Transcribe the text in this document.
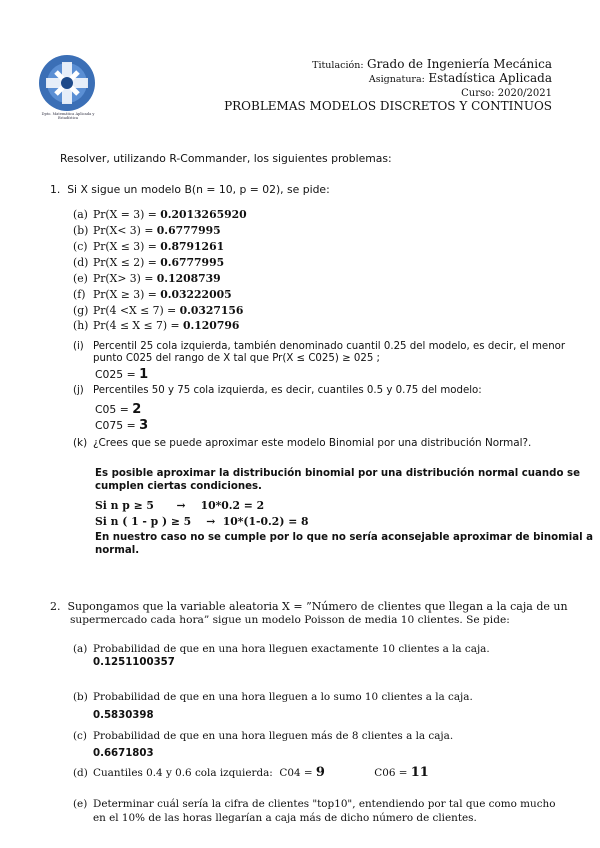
Dpto. Matemática Aplicada y Estadística
Titulación: Grado de Ingeniería Mecánica
Asignatura: Estadística Aplicada
Curso: 2020/2021
PROBLEMAS MODELOS DISCRETOS Y CONTINUOS
Resolver, utilizando R-Commander, los siguientes problemas:
1. Si X sigue un modelo B(n = 10, p = 02), se pide:
(a) Pr(X = 3) = 0.2013265920
(b) Pr(X< 3) = 0.6777995
(c) Pr(X ≤ 3) = 0.8791261
(d) Pr(X ≤ 2) = 0.6777995
(e) Pr(X> 3) = 0.1208739
(f) Pr(X ≥ 3) = 0.03222005
(g) Pr(4 <X ≤ 7) = 0.0327156
(h) Pr(4 ≤ X ≤ 7) = 0.120796
(i) Percentil 25 cola izquierda, también denominado cuantil 0.25 del modelo, es decir, el menor
punto C025 del rango de X tal que Pr(X ≤ C025) ≥ 025 ;
C025 = 1
(j) Percentiles 50 y 75 cola izquierda, es decir, cuantiles 0.5 y 0.75 del modelo:
C05 = 2
C075 = 3
(k) ¿Crees que se puede aproximar este modelo Binomial por una distribución Normal?.
Es posible aproximar la distribución binomial por una distribución normal cuando se
cumplen ciertas condiciones.
Si n p ≥ 5 → 10*0.2 = 2
Si n ( 1 - p ) ≥ 5 → 10*(1-0.2) = 8
En nuestro caso no se cumple por lo que no sería aconsejable aproximar de binomial a
normal.
2. Supongamos que la variable aleatoria X = ”Número de clientes que llegan a la caja de un
supermercado cada hora” sigue un modelo Poisson de media 10 clientes. Se pide:
(a) Probabilidad de que en una hora lleguen exactamente 10 clientes a la caja.
0.1251100357
(b) Probabilidad de que en una hora lleguen a lo sumo 10 clientes a la caja.
0.5830398
(c) Probabilidad de que en una hora lleguen más de 8 clientes a la caja.
0.6671803
(d) Cuantiles 0.4 y 0.6 cola izquierda: C04 = 9	C06 = 11
(e) Determinar cuál sería la cifra de clientes "top10", entendiendo por tal que como mucho
en el 10% de las horas llegarían a caja más de dicho número de clientes.
